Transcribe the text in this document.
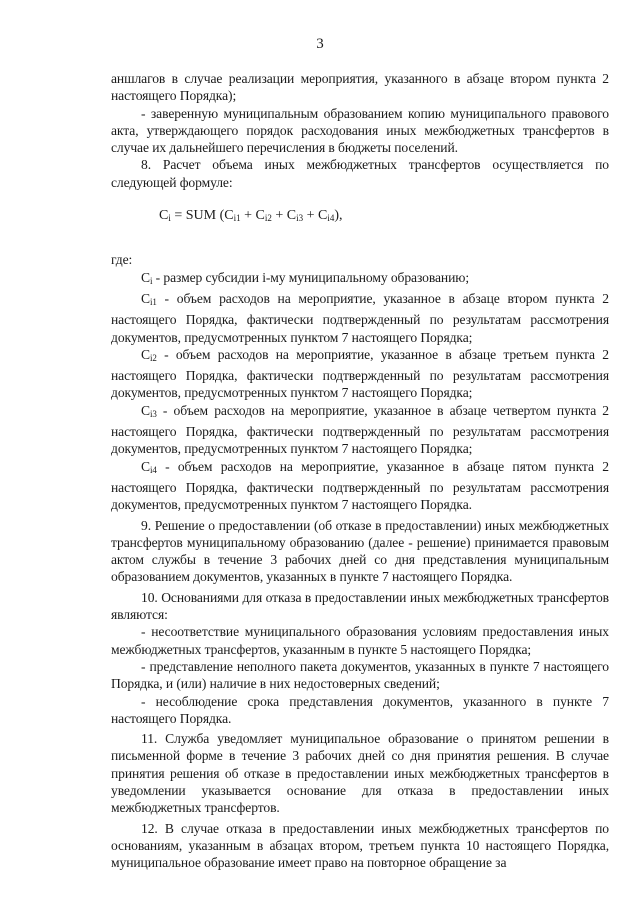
3

аншлагов в случае реализации мероприятия, указанного в абзаце втором пункта 2 настоящего Порядка);

- заверенную муниципальным образованием копию муниципального правового акта, утверждающего порядок расходования иных межбюджетных трансфертов в случае их дальнейшего перечисления в бюджеты поселений.

8. Расчет объема иных межбюджетных трансфертов осуществляется по следующей формуле:

$C_i$ = SUM $(C_{i1} + C_{i2} + C_{i3} + C_{i4})$,

где:

$C_i$ - размер субсидии i-му муниципальному образованию;

$C_{i1}$ - объем расходов на мероприятие, указанное в абзаце втором пункта 2 настоящего Порядка, фактически подтвержденный по результатам рассмотрения документов, предусмотренных пунктом 7 настоящего Порядка;

$C_{i2}$ - объем расходов на мероприятие, указанное в абзаце третьем пункта 2 настоящего Порядка, фактически подтвержденный по результатам рассмотрения документов, предусмотренных пунктом 7 настоящего Порядка;

$C_{i3}$ - объем расходов на мероприятие, указанное в абзаце четвертом пункта 2 настоящего Порядка, фактически подтвержденный по результатам рассмотрения документов, предусмотренных пунктом 7 настоящего Порядка;

$C_{i4}$ - объем расходов на мероприятие, указанное в абзаце пятом пункта 2 настоящего Порядка, фактически подтвержденный по результатам рассмотрения документов, предусмотренных пунктом 7 настоящего Порядка.

9. Решение о предоставлении (об отказе в предоставлении) иных межбюджетных трансфертов муниципальному образованию (далее - решение) принимается правовым актом службы в течение 3 рабочих дней со дня представления муниципальным образованием документов, указанных в пункте 7 настоящего Порядка.

10. Основаниями для отказа в предоставлении иных межбюджетных трансфертов являются:

- несоответствие муниципального образования условиям предоставления иных межбюджетных трансфертов, указанным в пункте 5 настоящего Порядка;

- представление неполного пакета документов, указанных в пункте 7 настоящего Порядка, и (или) наличие в них недостоверных сведений;

- несоблюдение срока представления документов, указанного в пункте 7 настоящего Порядка.

11. Служба уведомляет муниципальное образование о принятом решении в письменной форме в течение 3 рабочих дней со дня принятия решения. В случае принятия решения об отказе в предоставлении иных межбюджетных трансфертов в уведомлении указывается основание для отказа в предоставлении иных межбюджетных трансфертов.

12. В случае отказа в предоставлении иных межбюджетных трансфертов по основаниям, указанным в абзацах втором, третьем пункта 10 настоящего Порядка, муниципальное образование имеет право на повторное обращение за
